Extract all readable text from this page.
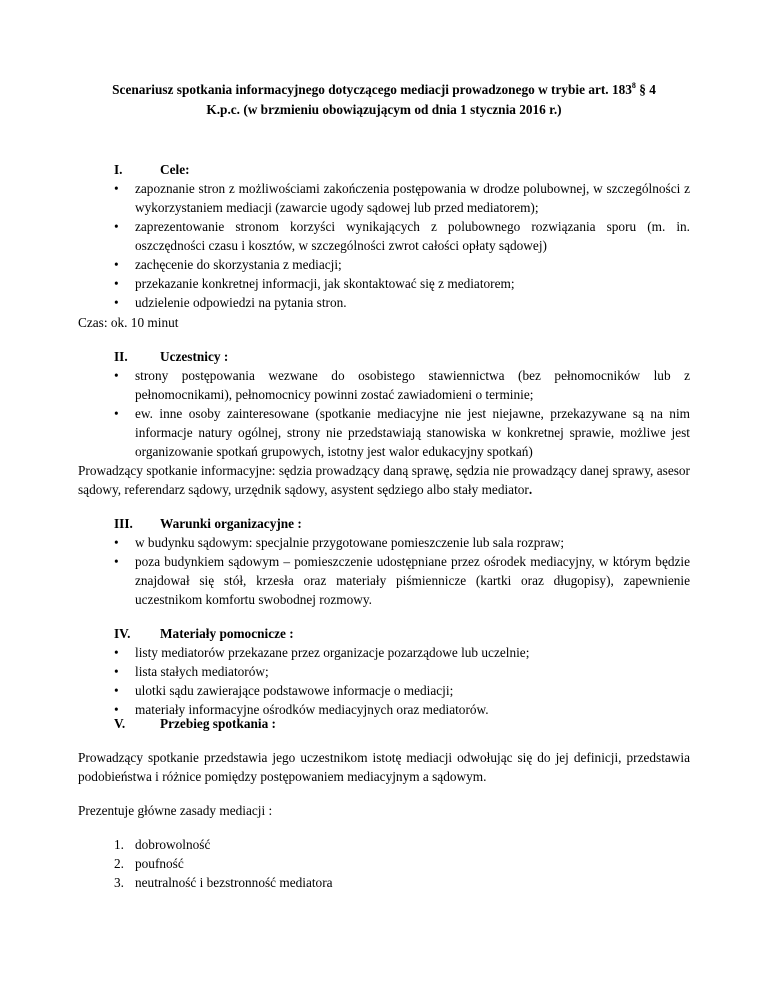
Scenariusz spotkania informacyjnego dotyczącego mediacji prowadzonego w trybie art. $183^8$ § 4
K.p.c. (w brzmieniu obowiązującym od dnia 1 stycznia 2016 r.)
I.	Cele:
• zapoznanie stron z możliwościami zakończenia postępowania w drodze polubownej, w szczególności z wykorzystaniem mediacji (zawarcie ugody sądowej lub przed mediatorem);
• zaprezentowanie stronom korzyści wynikających z polubownego rozwiązania sporu (m. in. oszczędności czasu i kosztów, w szczególności zwrot całości opłaty sądowej)
• zachęcenie do skorzystania z mediacji;
• przekazanie konkretnej informacji, jak skontaktować się z mediatorem;
• udzielenie odpowiedzi na pytania stron.
Czas: ok. 10 minut
II. Uczestnicy :
• strony postępowania wezwane do osobistego stawiennictwa (bez pełnomocników lub z pełnomocnikami), pełnomocnicy powinni zostać zawiadomieni o terminie;
• ew. inne osoby zainteresowane (spotkanie mediacyjne nie jest niejawne, przekazywane są na nim informacje natury ogólnej, strony nie przedstawiają stanowiska w konkretnej sprawie, możliwe jest organizowanie spotkań grupowych, istotny jest walor edukacyjny spotkań)
Prowadzący spotkanie informacyjne: sędzia prowadzący daną sprawę, sędzia nie prowadzący danej sprawy, asesor sądowy, referendarz sądowy, urzędnik sądowy, asystent sędziego albo stały mediator.
III. Warunki organizacyjne :
• w budynku sądowym: specjalnie przygotowane pomieszczenie lub sala rozpraw;
• poza budynkiem sądowym – pomieszczenie udostępniane przez ośrodek mediacyjny, w którym będzie znajdował się stół, krzesła oraz materiały piśmiennicze (kartki oraz długopisy), zapewnienie uczestnikom komfortu swobodnej rozmowy.
IV. Materiały pomocnicze :
• listy mediatorów przekazane przez organizacje pozarządowe lub uczelnie;
• lista stałych mediatorów;
• ulotki sądu zawierające podstawowe informacje o mediacji;
• materiały informacyjne ośrodków mediacyjnych oraz mediatorów.
V.	Przebieg spotkania :
Prowadzący spotkanie przedstawia jego uczestnikom istotę mediacji odwołując się do jej definicji, przedstawia podobieństwa i różnice pomiędzy postępowaniem mediacyjnym a sądowym.
Prezentuje główne zasady mediacji :
1. dobrowolność
2. poufność
3. neutralność i bezstronność mediatora
